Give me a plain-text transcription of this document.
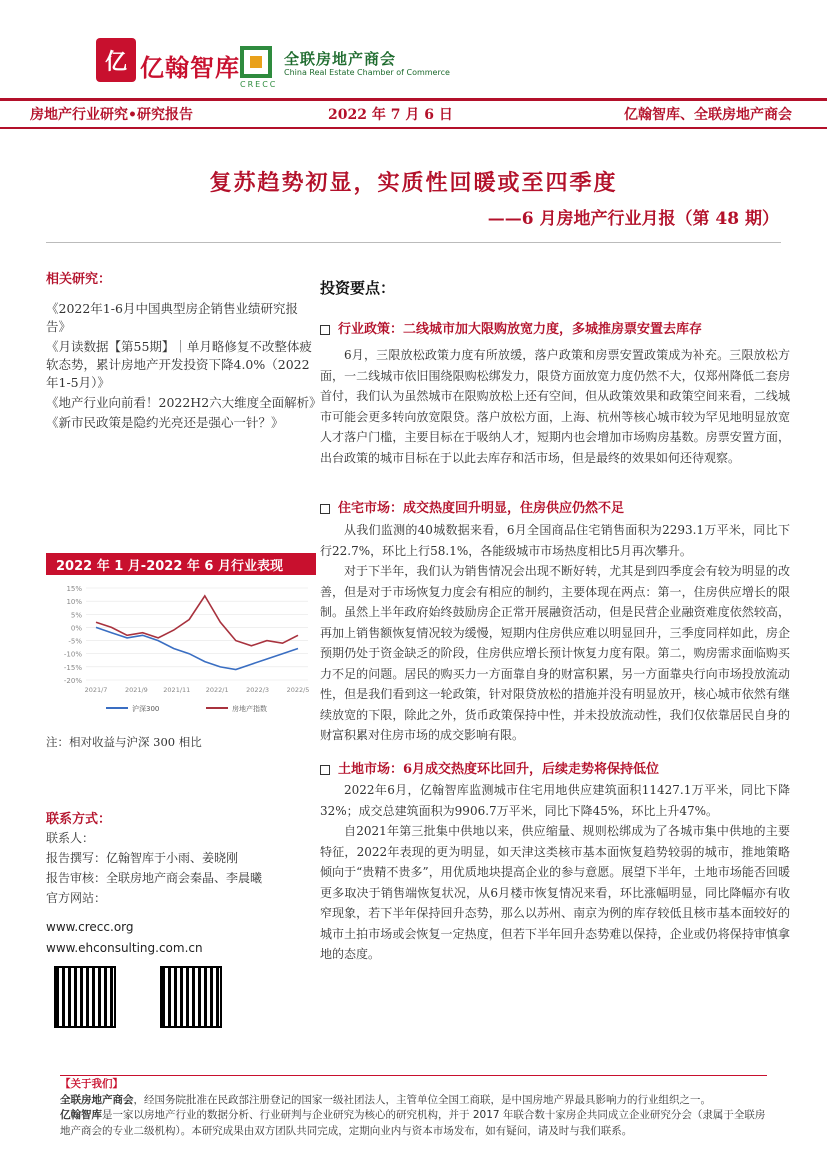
亿 亿翰智库
CRECC
全联房地产商会
China Real Estate Chamber of Commerce
房地产行业研究•研究报告	2022 年 7 月 6 日	亿翰智库、全联房地产商会
复苏趋势初显，实质性回暖或至四季度
——6 月房地产行业月报（第 48 期）
相关研究：
《2022年1-6月中国典型房企销售业绩研究报告》
《月读数据【第55期】｜单月略修复不改整体疲软态势，累计房地产开发投资下降4.0%（2022年1-5月）》
《地产行业向前看！2022H2六大维度全面解析》
《新市民政策是隐约光亮还是强心一针？》
2022 年 1 月-2022 年 6 月行业表现
15%
10%
5%
0%
-5%
-10%
-15%
-20%
2021/7	2021/9 2021/11 2022/1	2022/3	2022/5
沪深300	房地产指数
注：相对收益与沪深 300 相比
联系方式：
联系人：
报告撰写：亿翰智库于小雨、姜晓刚
报告审核：全联房地产商会秦晶、李晨曦
官方网站：
www.crecc.org
www.ehconsulting.com.cn
投资要点：
行业政策：二线城市加大限购放宽力度，多城推房票安置去库存
6月，三限放松政策力度有所放缓，落户政策和房票安置政策成为补充。三限放松方面，一二线城市依旧围绕限购松绑发力，限贷方面放宽力度仍然不大，仅郑州降低二套房首付，我们认为虽然城市在限购放松上还有空间，但从政策效果和政策空间来看，二线城市可能会更多转向放宽限贷。落户放松方面，上海、杭州等核心城市较为罕见地明显放宽人才落户门槛，主要目标在于吸纳人才，短期内也会增加市场购房基数。房票安置方面，出台政策的城市目标在于以此去库存和活市场，但是最终的效果如何还待观察。
住宅市场：成交热度回升明显，住房供应仍然不足
从我们监测的40城数据来看，6月全国商品住宅销售面积为2293.1万平米，同比下行22.7%，环比上行58.1%，各能级城市市场热度相比5月再次攀升。
对于下半年，我们认为销售情况会出现不断好转，尤其是到四季度会有较为明显的改善，但是对于市场恢复力度会有相应的制约，主要体现在两点：第一，住房供应增长的限制。虽然上半年政府始终鼓励房企正常开展融资活动，但是民营企业融资难度依然较高，再加上销售额恢复情况较为缓慢，短期内住房供应难以明显回升，三季度同样如此，房企预期仍处于资金缺乏的阶段，住房供应增长预计恢复力度有限。第二，购房需求面临购买力不足的问题。居民的购买力一方面靠自身的财富积累，另一方面靠央行向市场投放流动性，但是我们看到这一轮政策，针对限贷放松的措施并没有明显放开，核心城市依然有继续放宽的下限，除此之外，货币政策保持中性，并未投放流动性，我们仅依靠居民自身的财富积累对住房市场的成交影响有限。
土地市场：6月成交热度环比回升，后续走势将保持低位
2022年6月，亿翰智库监测城市住宅用地供应建筑面积11427.1万平米，同比下降32%；成交总建筑面积为9906.7万平米，同比下降45%，环比上升47%。
自2021年第三批集中供地以来，供应缩量、规则松绑成为了各城市集中供地的主要特征，2022年表现的更为明显，如天津这类核市基本面恢复趋势较弱的城市，推地策略倾向于“贵精不贵多”，用优质地块提高企业的参与意愿。展望下半年，土地市场能否回暖更多取决于销售端恢复状况，从6月楼市恢复情况来看，环比涨幅明显，同比降幅亦有收窄现象，若下半年保持回升态势，那么以苏州、南京为例的库存较低且核市基本面较好的城市土拍市场或会恢复一定热度，但若下半年回升态势难以保持，企业或仍将保持审慎拿地的态度。
【关于我们】
全联房地产商会，经国务院批准在民政部注册登记的国家一级社团法人，主管单位全国工商联，是中国房地产界最具影响力的行业组织之一。
亿翰智库是一家以房地产行业的数据分析、行业研判与企业研究为核心的研究机构，并于 2017 年联合数十家房企共同成立企业研究分会（隶属于全联房地产商会的专业二级机构）。本研究成果由双方团队共同完成，定期向业内与资本市场发布，如有疑问，请及时与我们联系。
